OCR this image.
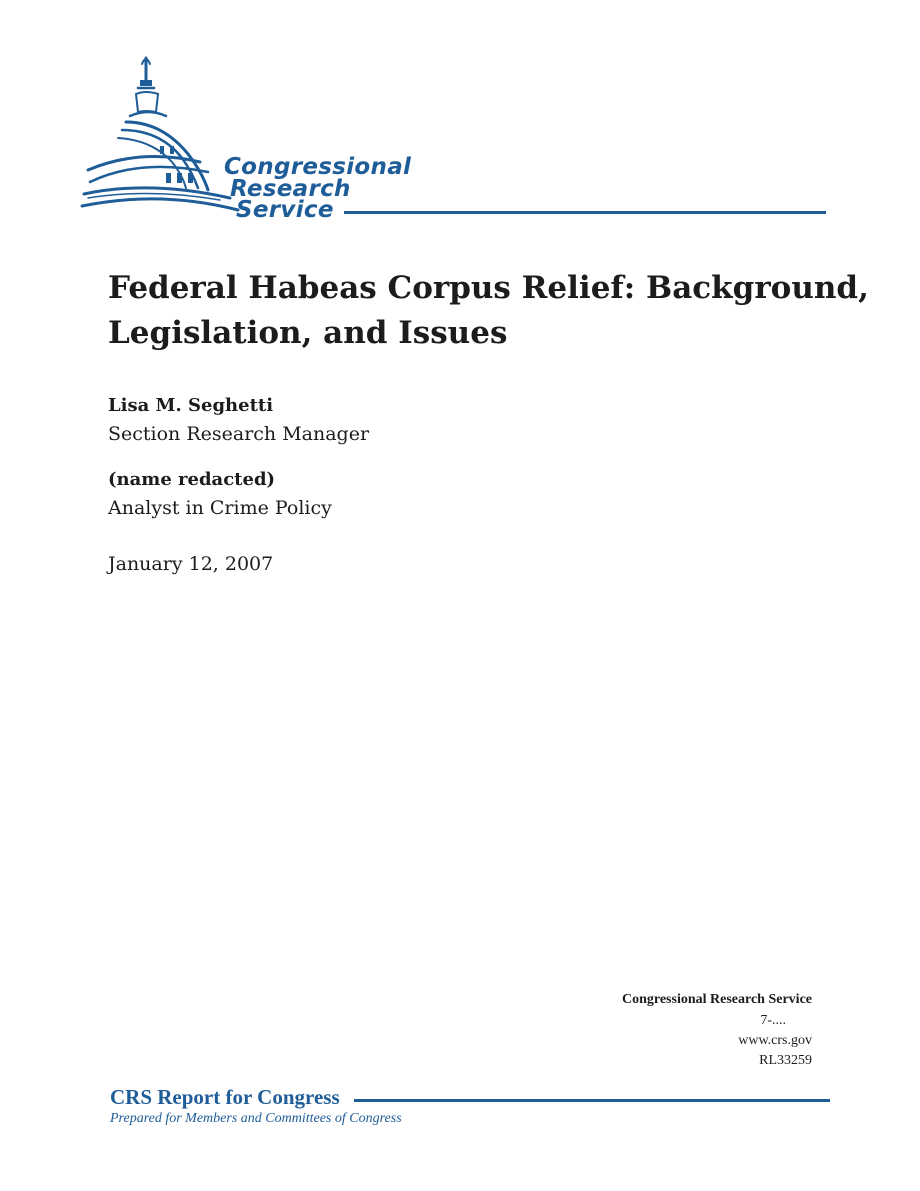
Congressional
Research
Service
Federal Habeas Corpus Relief: Background,
Legislation, and Issues
Lisa M. Seghetti
Section Research Manager
(name redacted)
Analyst in Crime Policy
January 12, 2007
Congressional Research Service
7-....
www.crs.gov
RL33259
CRS Report for Congress
Prepared for Members and Committees of Congress
